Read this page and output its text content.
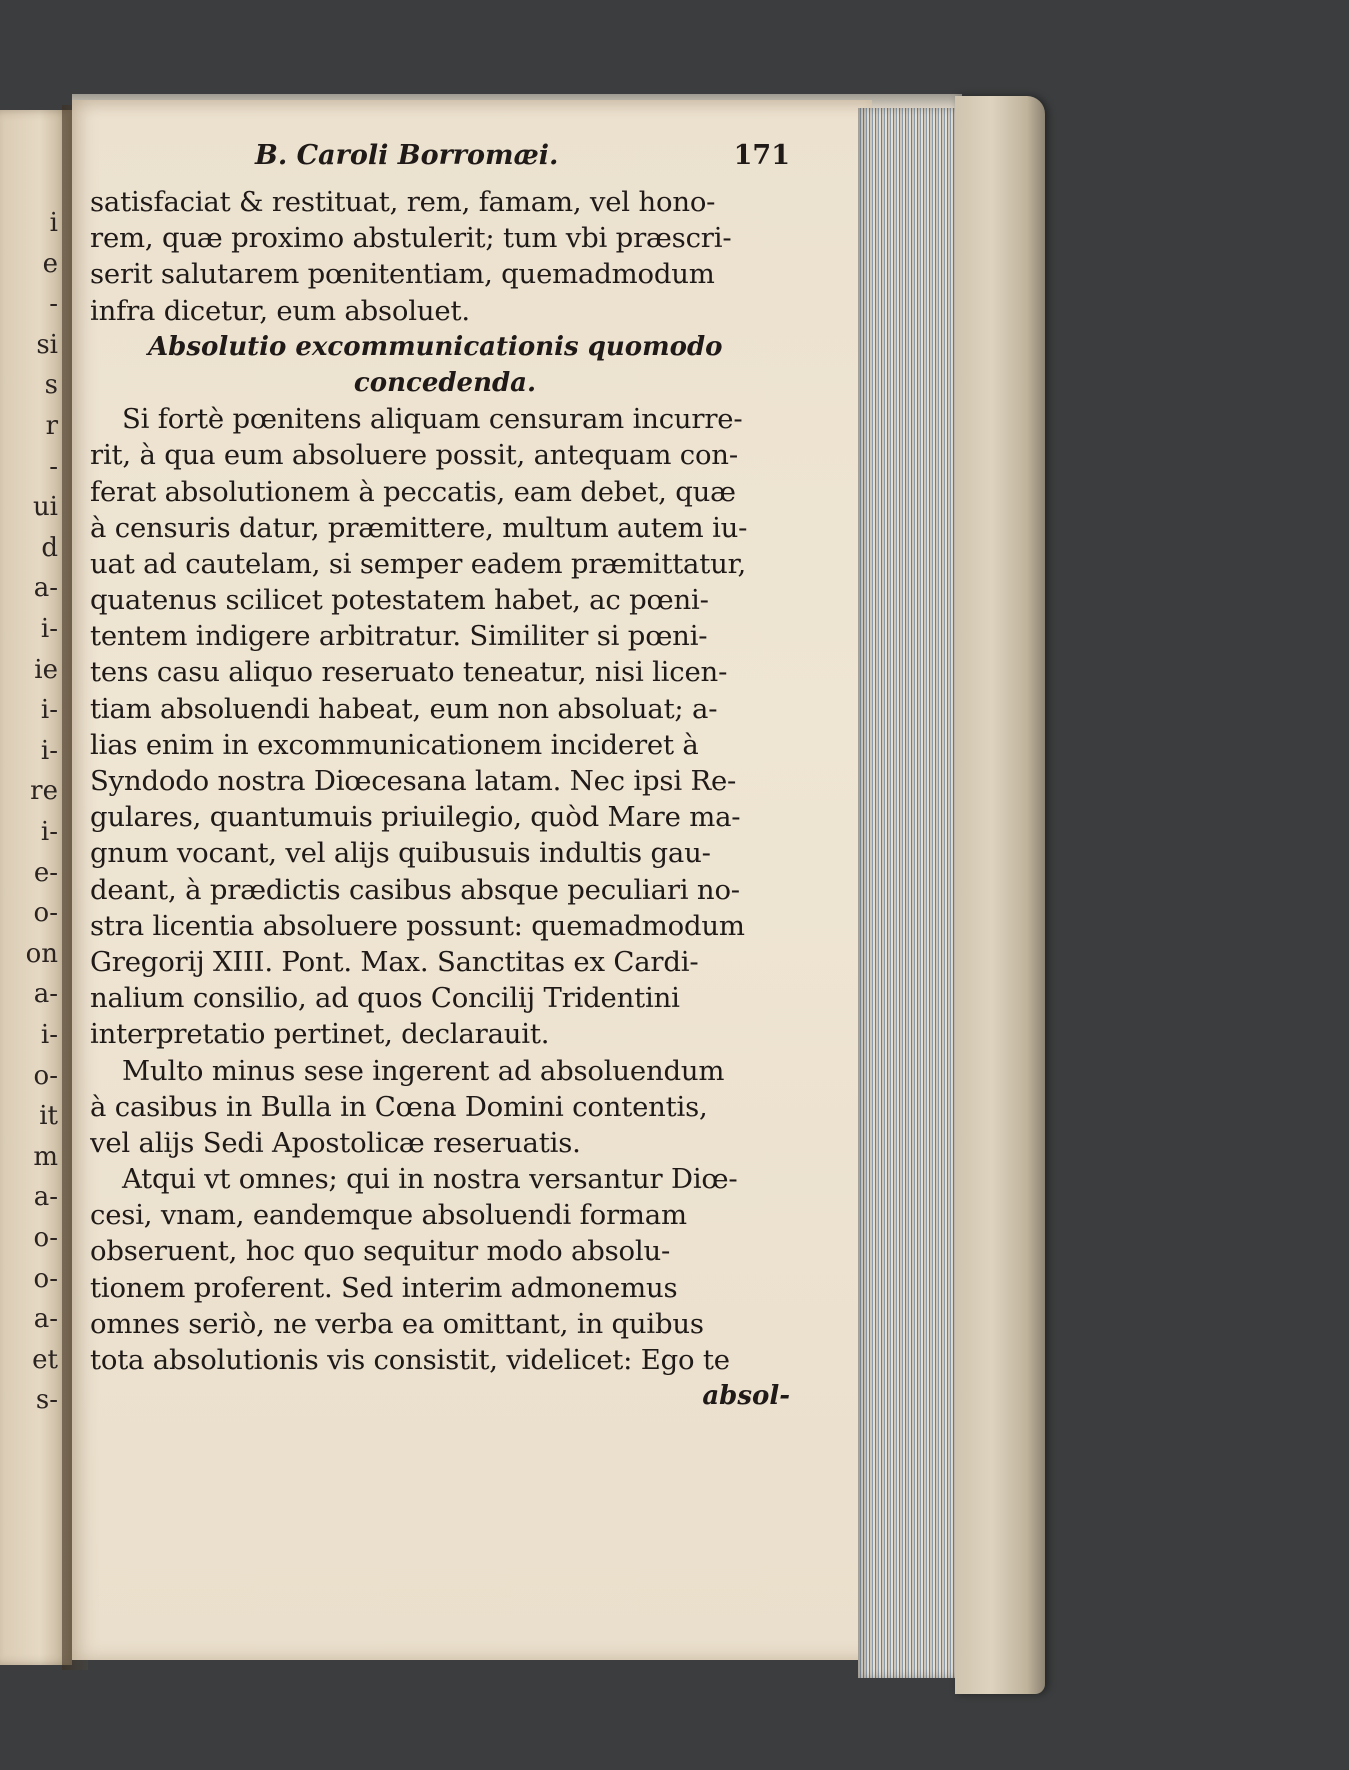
i
e
-
si
s
r
-
ui
d
a-
i-
ie
i-
i-
re
i-
e-
o-
on
a-
i-
o-
it
m
a-
o-
o-
a-
et
s-
B. Caroli Borromæi.	171
satisfaciat & restituat, rem, famam, vel hono-
rem, quæ proximo abstulerit; tum vbi præscri-
serit salutarem pœnitentiam, quemadmodum
infra dicetur, eum absoluet.
Absolutio excommunicationis quomodo
concedenda.
Si fortè pœnitens aliquam censuram incurre-
rit, à qua eum absoluere possit, antequam con-
ferat absolutionem à peccatis, eam debet, quæ
à censuris datur, præmittere, multum autem iu-
uat ad cautelam, si semper eadem præmittatur,
quatenus scilicet potestatem habet, ac pœni-
tentem indigere arbitratur. Similiter si pœni-
tens casu aliquo reseruato teneatur, nisi licen-
tiam absoluendi habeat, eum non absoluat; a-
lias enim in excommunicationem incideret à
Syndodo nostra Diœcesana latam. Nec ipsi Re-
gulares, quantumuis priuilegio, quòd Mare ma-
gnum vocant, vel alijs quibusuis indultis gau-
deant, à prædictis casibus absque peculiari no-
stra licentia absoluere possunt: quemadmodum
Gregorij XIII. Pont. Max. Sanctitas ex Cardi-
nalium consilio, ad quos Concilij Tridentini
interpretatio pertinet, declarauit.
Multo minus sese ingerent ad absoluendum
à casibus in Bulla in Cœna Domini contentis,
vel alijs Sedi Apostolicæ reseruatis.
Atqui vt omnes; qui in nostra versantur Diœ-
cesi, vnam, eandemque absoluendi formam
obseruent, hoc quo sequitur modo absolu-
tionem proferent. Sed interim admonemus
omnes seriò, ne verba ea omittant, in quibus
tota absolutionis vis consistit, videlicet: Ego te
absol-
